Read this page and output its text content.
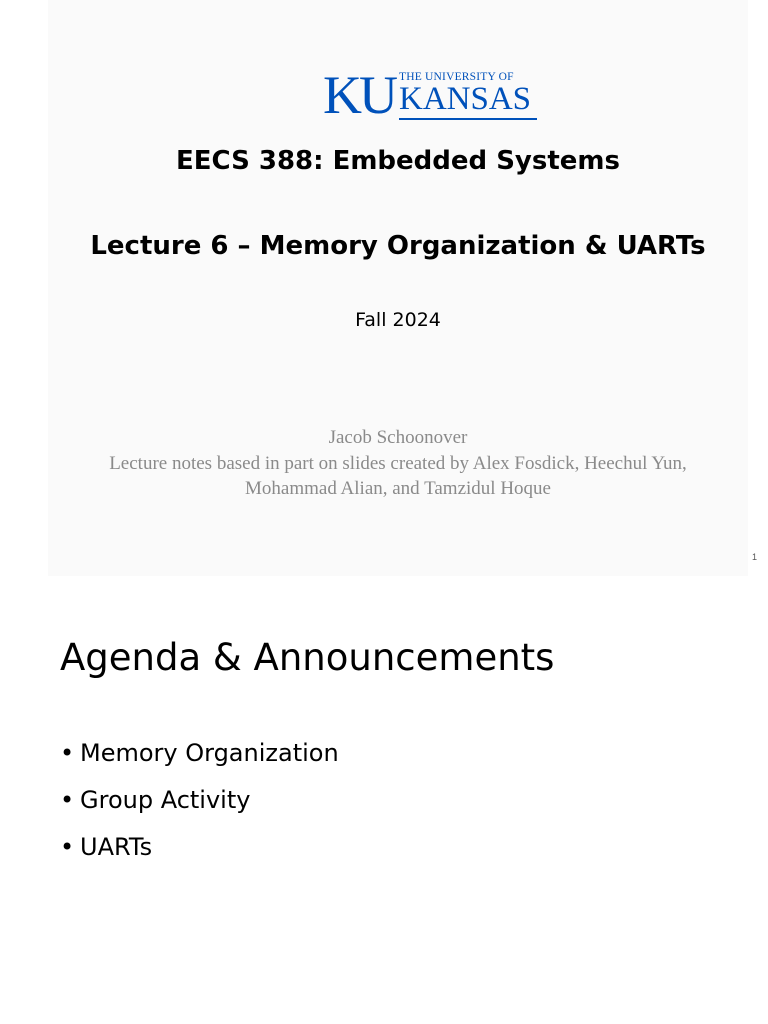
KU THE UNIVERSITY OF
KANSAS
EECS 388: Embedded Systems
Lecture 6 – Memory Organization & UARTs
Fall 2024
Jacob Schoonover
Lecture notes based in part on slides created by Alex Fosdick, Heechul Yun, Mohammad Alian, and Tamzidul Hoque
1
Agenda & Announcements
• Memory Organization
• Group Activity
• UARTs
